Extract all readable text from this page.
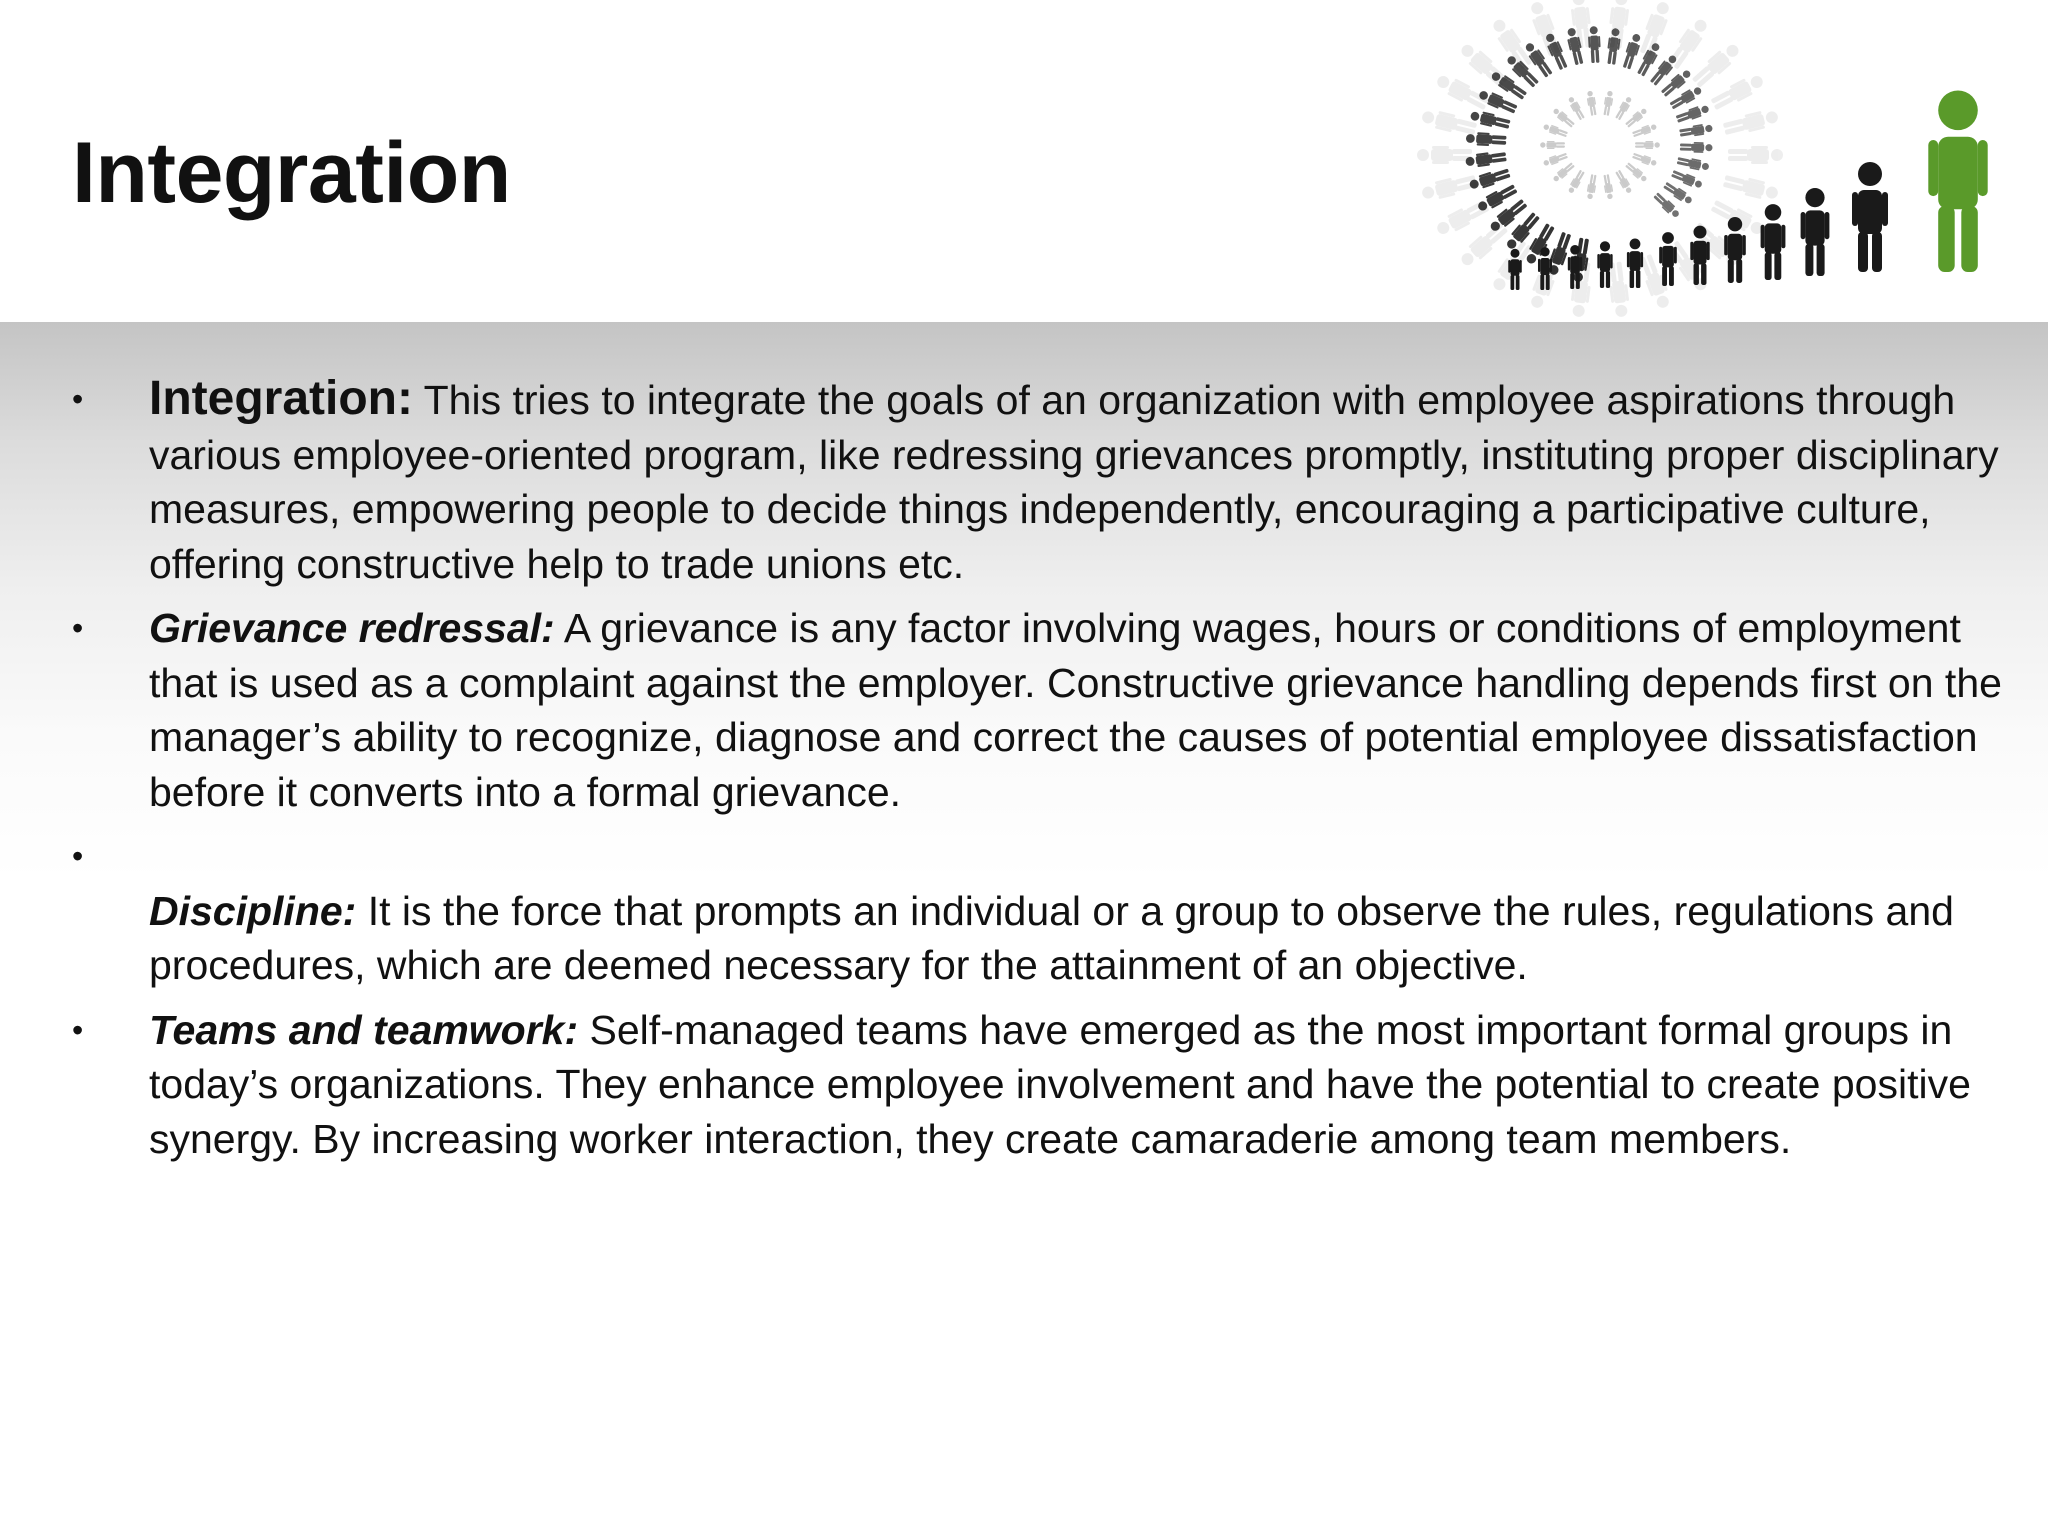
Integration
• Integration: This tries to integrate the goals of an organization with employee aspirations through various employee-oriented program, like redressing grievances promptly, instituting proper disciplinary measures, empowering people to decide things independently, encouraging a participative culture, offering constructive help to trade unions etc.
• Grievance redressal: A grievance is any factor involving wages, hours or conditions of employment that is used as a complaint against the employer. Constructive grievance handling depends first on the manager’s ability to recognize, diagnose and correct the causes of potential employee dissatisfaction before it converts into a formal grievance.
•
Discipline: It is the force that prompts an individual or a group to observe the rules, regulations and procedures, which are deemed necessary for the attainment of an objective.
• Teams and teamwork: Self-managed teams have emerged as the most important formal groups in today’s organizations. They enhance employee involvement and have the potential to create positive synergy. By increasing worker interaction, they create camaraderie among team members.
